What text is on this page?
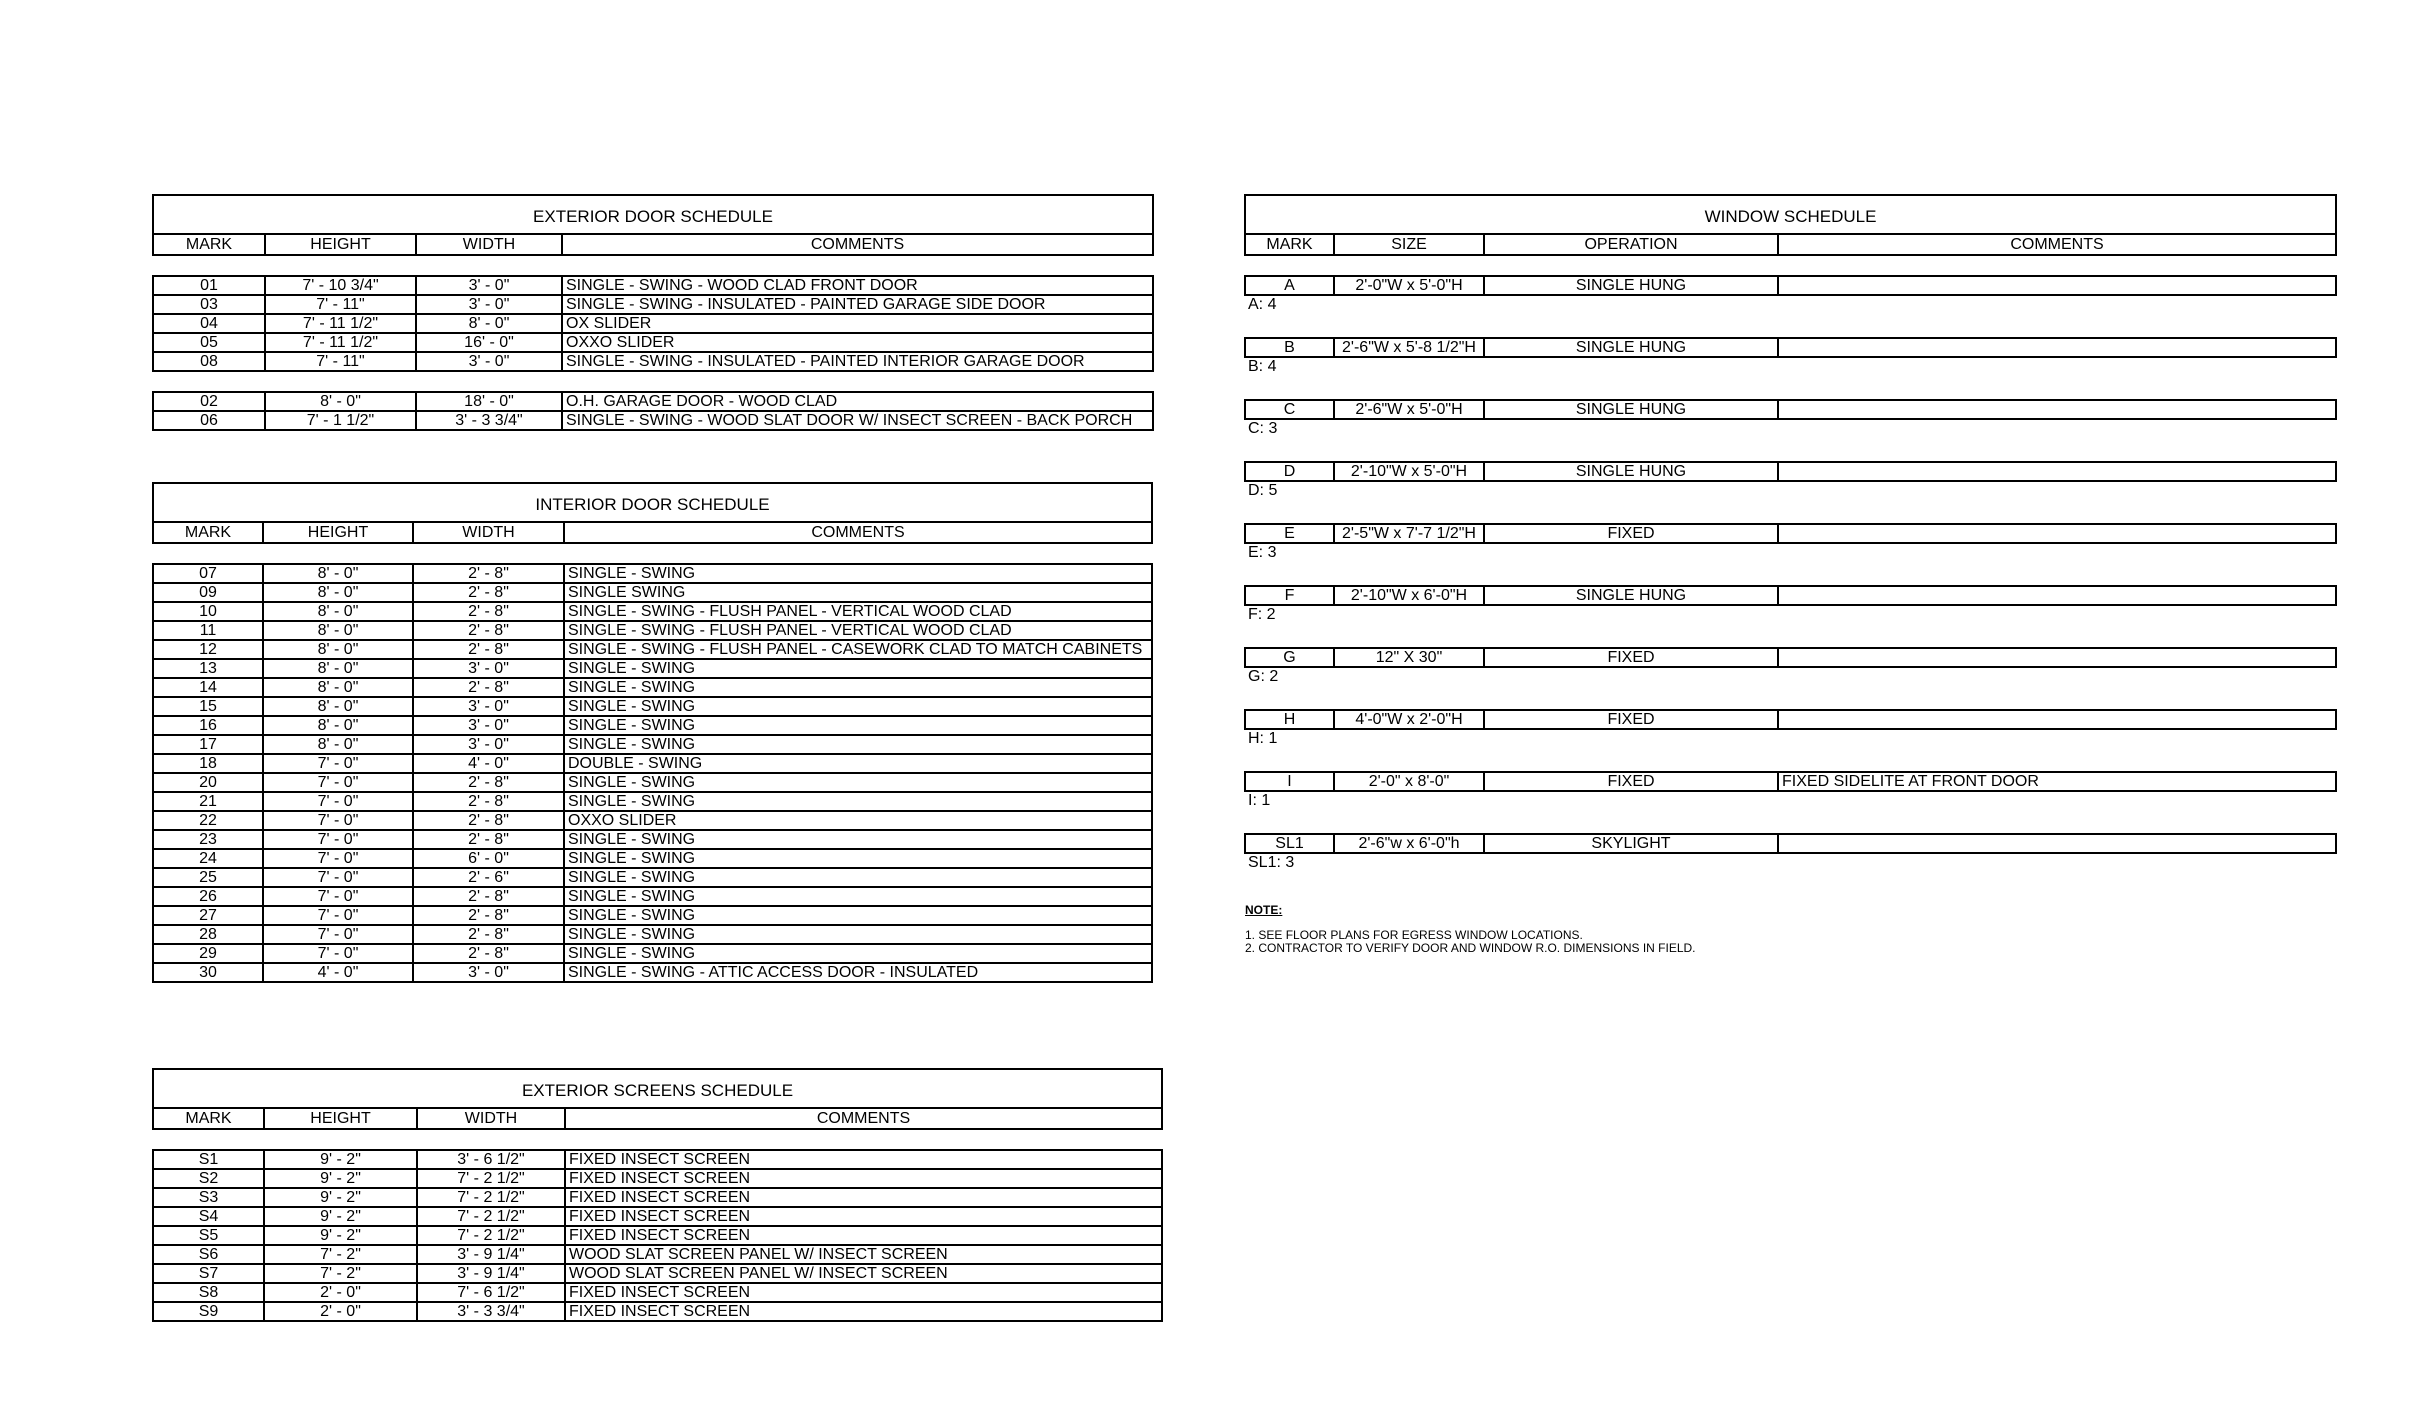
EXTERIOR DOOR SCHEDULE
MARK	HEIGHT	WIDTH	COMMENTS
01	7' - 10 3/4"	3' - 0"	SINGLE - SWING - WOOD CLAD FRONT DOOR
03	7' - 11"	3' - 0"	SINGLE - SWING - INSULATED - PAINTED GARAGE SIDE DOOR
04	7' - 11 1/2"	8' - 0"	OX SLIDER
05	7' - 11 1/2"	16' - 0"	OXXO SLIDER
08	7' - 11"	3' - 0"	SINGLE - SWING - INSULATED - PAINTED INTERIOR GARAGE DOOR
02	8' - 0"	18' - 0"	O.H. GARAGE DOOR - WOOD CLAD
06	7' - 1 1/2"	3' - 3 3/4"	SINGLE - SWING - WOOD SLAT DOOR W/ INSECT SCREEN - BACK PORCH
INTERIOR DOOR SCHEDULE
MARK	HEIGHT	WIDTH	COMMENTS
07	8' - 0"	2' - 8"	SINGLE - SWING
09	8' - 0"	2' - 8"	SINGLE SWING
10	8' - 0"	2' - 8"	SINGLE - SWING - FLUSH PANEL - VERTICAL WOOD CLAD
11	8' - 0"	2' - 8"	SINGLE - SWING - FLUSH PANEL - VERTICAL WOOD CLAD
12	8' - 0"	2' - 8"	SINGLE - SWING - FLUSH PANEL - CASEWORK CLAD TO MATCH CABINETS
13	8' - 0"	3' - 0"	SINGLE - SWING
14	8' - 0"	2' - 8"	SINGLE - SWING
15	8' - 0"	3' - 0"	SINGLE - SWING
16	8' - 0"	3' - 0"	SINGLE - SWING
17	8' - 0"	3' - 0"	SINGLE - SWING
18	7' - 0"	4' - 0"	DOUBLE - SWING
20	7' - 0"	2' - 8"	SINGLE - SWING
21	7' - 0"	2' - 8"	SINGLE - SWING
22	7' - 0"	2' - 8"	OXXO SLIDER
23	7' - 0"	2' - 8"	SINGLE - SWING
24	7' - 0"	6' - 0"	SINGLE - SWING
25	7' - 0"	2' - 6"	SINGLE - SWING
26	7' - 0"	2' - 8"	SINGLE - SWING
27	7' - 0"	2' - 8"	SINGLE - SWING
28	7' - 0"	2' - 8"	SINGLE - SWING
29	7' - 0"	2' - 8"	SINGLE - SWING
30	4' - 0"	3' - 0"	SINGLE - SWING - ATTIC ACCESS DOOR - INSULATED
EXTERIOR SCREENS SCHEDULE
MARK	HEIGHT	WIDTH	COMMENTS
S1	9' - 2"	3' - 6 1/2"	FIXED INSECT SCREEN
S2	9' - 2"	7' - 2 1/2"	FIXED INSECT SCREEN
S3	9' - 2"	7' - 2 1/2"	FIXED INSECT SCREEN
S4	9' - 2"	7' - 2 1/2"	FIXED INSECT SCREEN
S5	9' - 2"	7' - 2 1/2"	FIXED INSECT SCREEN
S6	7' - 2"	3' - 9 1/4"	WOOD SLAT SCREEN PANEL W/ INSECT SCREEN
S7	7' - 2"	3' - 9 1/4"	WOOD SLAT SCREEN PANEL W/ INSECT SCREEN
S8	2' - 0"	7' - 6 1/2"	FIXED INSECT SCREEN
S9	2' - 0"	3' - 3 3/4"	FIXED INSECT SCREEN
WINDOW SCHEDULE
MARK	SIZE	OPERATION	COMMENTS
A	2'-0"W x 5'-0"H	SINGLE HUNG	
A: 4
B	2'-6"W x 5'-8 1/2"H	SINGLE HUNG	
B: 4
C	2'-6"W x 5'-0"H	SINGLE HUNG	
C: 3
D	2'-10"W x 5'-0"H	SINGLE HUNG	
D: 5
E	2'-5"W x 7'-7 1/2"H	FIXED	
E: 3
F	2'-10"W x 6'-0"H	SINGLE HUNG	
F: 2
G	12" X 30"	FIXED	
G: 2
H	4'-0"W x 2'-0"H	FIXED	
H: 1
I	2'-0" x 8'-0"	FIXED	FIXED SIDELITE AT FRONT DOOR
I: 1
SL1	2'-6"w x 6'-0"h	SKYLIGHT	
SL1: 3
NOTE:
1. SEE FLOOR PLANS FOR EGRESS WINDOW LOCATIONS.
2. CONTRACTOR TO VERIFY DOOR AND WINDOW R.O. DIMENSIONS IN FIELD.
